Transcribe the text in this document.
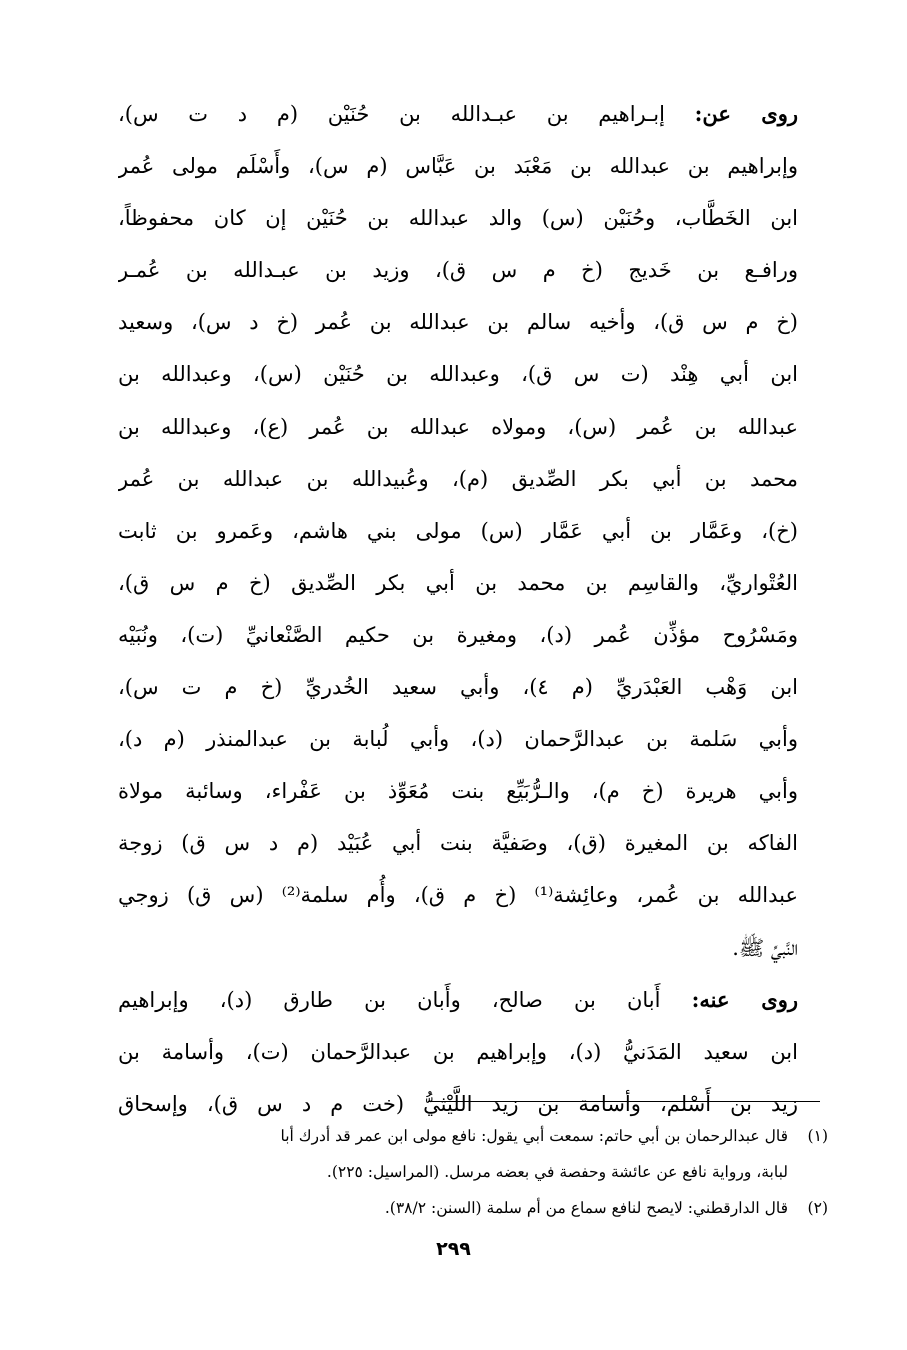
روى عن: إبـراهيم بن عبـدالله بن حُنَيْن (م د ت س)،
وإبراهيم بن عبدالله بن مَعْبَد بن عَبَّاس (م س)، وأَسْلَم مولى عُمر
ابن الخَطَّاب، وحُنَيْن (س) والد عبدالله بن حُنَيْن إن كان محفوظاً،
ورافـع بن خَديج (خ م س ق)، وزيد بن عبـدالله بن عُمـر
(خ م س ق)، وأخيه سالم بن عبدالله بن عُمر (خ د س)، وسعيد
ابن أبي هِنْد (ت س ق)، وعبدالله بن حُنَيْن (س)، وعبدالله بن
عبدالله بن عُمر (س)، ومولاه عبدالله بن عُمر (ع)، وعبدالله بن
محمد بن أبي بكر الصِّديق (م)، وعُبيدالله بن عبدالله بن عُمر
(خ)، وعَمَّار بن أبي عَمَّار (س) مولى بني هاشم، وعَمرو بن ثابت
العُتْواريِّ، والقاسِم بن محمد بن أبي بكر الصِّديق (خ م س ق)،
ومَسْرُوح مؤذِّن عُمر (د)، ومغيرة بن حكيم الصَّنْعانيِّ (ت)، ونُبَيْه
ابن وَهْب العَبْدَريِّ (م ٤)، وأبي سعيد الخُدريِّ (خ م ت س)،
وأبي سَلمة بن عبدالرَّحمان (د)، وأبي لُبابة بن عبدالمنذر (م د)،
وأبي هريرة (خ م)، والـرُّبَيِّع بنت مُعَوِّذ بن عَفْراء، وسائبة مولاة
الفاكه بن المغيرة (ق)، وصَفيَّة بنت أبي عُبَيْد (م د س ق) زوجة
عبدالله بن عُمر، وعائِشة⁽¹⁾ (خ م ق)، وأُم سلمة⁽²⁾ (س ق) زوجي
النَّبيِّ ﷺ.
روى عنه: أَبان بن صالح، وأَبان بن طارق (د)، وإبراهيم
ابن سعيد المَدَنيُّ (د)، وإبراهيم بن عبدالرَّحمان (ت)، وأسامة بن
زيد بن أَسْلم، وأسامة بن زيد اللَّيْثيُّ (خت م د س ق)، وإسحاق
(١)قال عبدالرحمان بن أبي حاتم: سمعت أبي يقول: نافع مولى ابن عمر قد أدرك أبا
لبابة، ورواية نافع عن عائشة وحفصة في بعضه مرسل. (المراسيل: ٢٢٥).
(٢)قال الدارقطني: لايصح لنافع سماع من أم سلمة (السنن: ٣٨/٢).
٢٩٩
